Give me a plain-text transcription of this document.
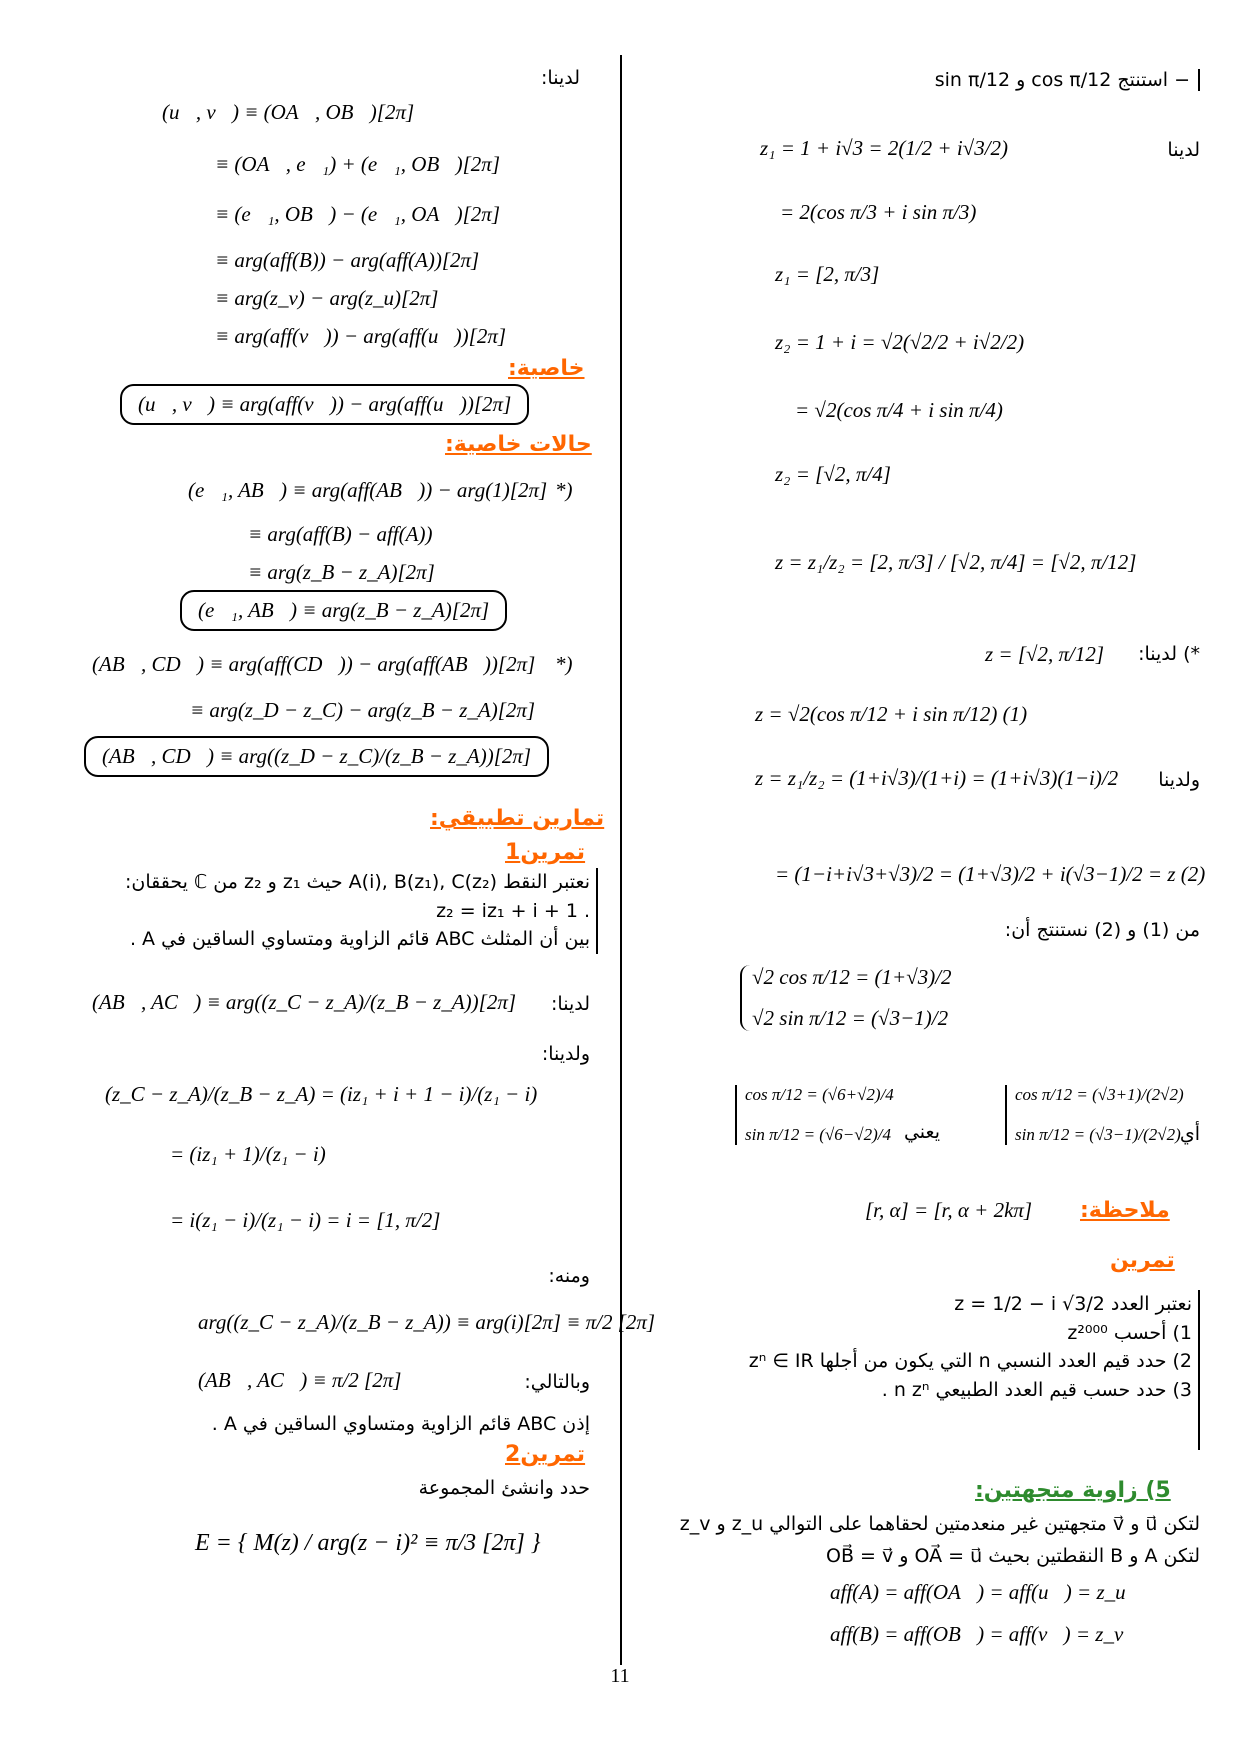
− استنتج cos π/12 و sin π/12
لدينا
z₁ = 1 + i√3 = 2(1/2 + i√3/2)
= 2(cos π/3 + i sin π/3)
z₁ = [2, π/3]
z₂ = 1 + i = √2(√2/2 + i√2/2)
= √2(cos π/4 + i sin π/4)
z₂ = [√2, π/4]
z = z₁/z₂ = [2, π/3] / [√2, π/4] = [√2, π/12]
*) لدينا:
z = [√2, π/12]
z = √2(cos π/12 + i sin π/12) (1)
ولدينا
z = z₁/z₂ = (1+i√3)/(1+i) = (1+i√3)(1−i)/2
= (1−i+i√3+√3)/2 = (1+√3)/2 + i(√3−1)/2 = z (2)
من (1) و (2) نستنتج أن:
√2 cos π/12 = (1+√3)/2
√2 sin π/12 = (√3−1)/2
أي
cos π/12 = (√3+1)/(2√2)
sin π/12 = (√3−1)/(2√2)
يعني
cos π/12 = (√6+√2)/4
sin π/12 = (√6−√2)/4
ملاحظة:
[r, α] = [r, α + 2kπ]
تمرين
نعتبر العدد z = 1/2 − i √3/2
1) أحسب z²⁰⁰⁰
2) حدد قيم العدد النسبي n التي يكون من أجلها zⁿ ∈ IR
3) حدد حسب قيم العدد الطبيعي n zⁿ .
5) زاوية متجهتين:
لتكن u⃗ و v⃗ متجهتين غير منعدمتين لحقاهما على التوالي z_u و z_v
لتكن A و B النقطتين بحيث OA⃗ = u⃗ و OB⃗ = v⃗
aff(A) = aff(OA⃗) = aff(u⃗) = z_u
aff(B) = aff(OB⃗) = aff(v⃗) = z_v
لدينا:
(u⃗, v⃗) ≡ (OA⃗, OB⃗)[2π]
≡ (OA⃗, e⃗₁) + (e⃗₁, OB⃗)[2π]
≡ (e⃗₁, OB⃗) − (e⃗₁, OA⃗)[2π]
≡ arg(aff(B)) − arg(aff(A))[2π]
≡ arg(z_v) − arg(z_u)[2π]
≡ arg(aff(v⃗)) − arg(aff(u⃗))[2π]
خاصية:
(u⃗, v⃗) ≡ arg(aff(v⃗)) − arg(aff(u⃗))[2π]
حالات خاصية:
*)
(e⃗₁, AB⃗) ≡ arg(aff(AB⃗)) − arg(1)[2π]
≡ arg(aff(B) − aff(A))
≡ arg(z_B − z_A)[2π]
(e⃗₁, AB⃗) ≡ arg(z_B − z_A)[2π]
*)
(AB⃗, CD⃗) ≡ arg(aff(CD⃗)) − arg(aff(AB⃗))[2π]
≡ arg(z_D − z_C) − arg(z_B − z_A)[2π]
(AB⃗, CD⃗) ≡ arg((z_D − z_C)/(z_B − z_A))[2π]
تمارين تطبيقي:
تمرين1
نعتبر النقط A(i), B(z₁), C(z₂) حيث z₁ و z₂ من ℂ يحققان:
. z₂ = iz₁ + i + 1
بين أن المثلث ABC قائم الزاوية ومتساوي الساقين في A .
لدينا:
(AB⃗, AC⃗) ≡ arg((z_C − z_A)/(z_B − z_A))[2π]
ولدينا:
(z_C − z_A)/(z_B − z_A) = (iz₁ + i + 1 − i)/(z₁ − i)
= (iz₁ + 1)/(z₁ − i)
= i(z₁ − i)/(z₁ − i) = i = [1, π/2]
ومنه:
arg((z_C − z_A)/(z_B − z_A)) ≡ arg(i)[2π] ≡ π/2 [2π]
وبالتالي:
(AB⃗, AC⃗) ≡ π/2 [2π]
إذن ABC قائم الزاوية ومتساوي الساقين في A .
تمرين2
حدد وانشئ المجموعة
E = { M(z) / arg(z − i)² ≡ π/3 [2π] }
11
